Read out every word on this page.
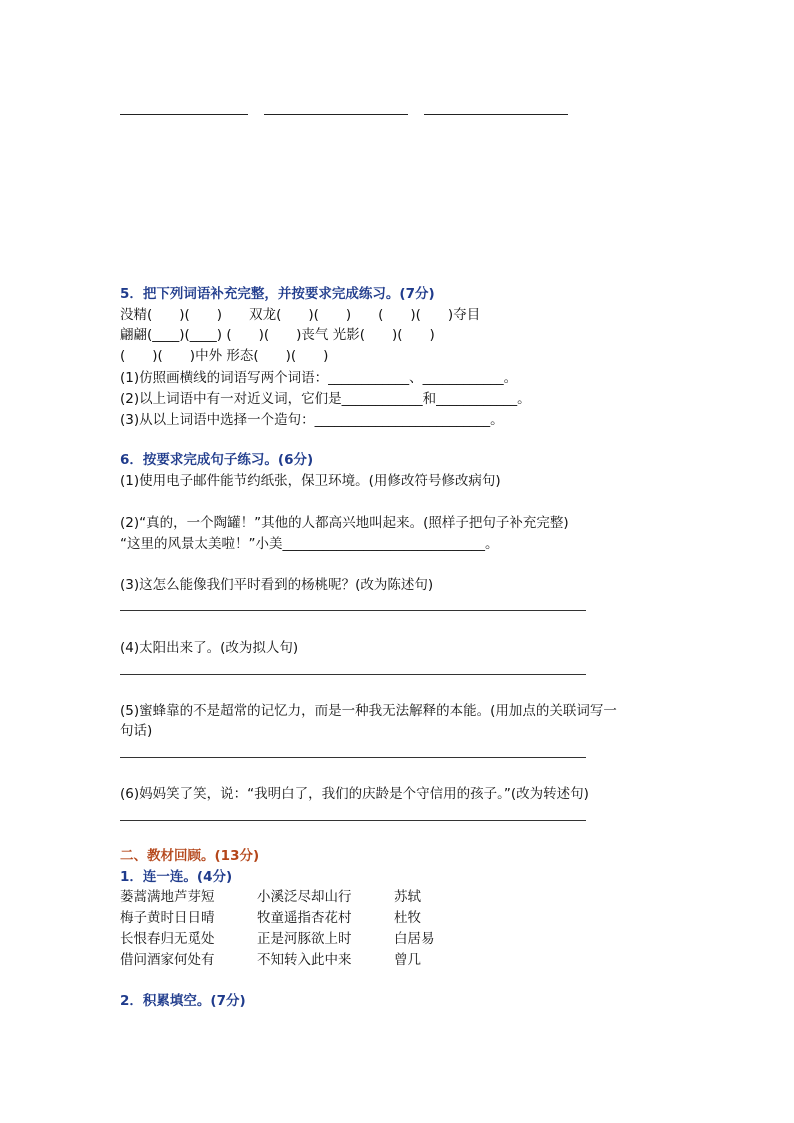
5．把下列词语补充完整，并按要求完成练习。(7分)
没精(　　)(　　)　　双龙(　　)(　　)　　(　　)(　　)夺目
翩翩(____)(____) (　　)(　　)丧气 光影(　　)(　　)
(　　)(　　)中外 形态(　　)(　　)
(1)仿照画横线的词语写两个词语：____________、____________。
(2)以上词语中有一对近义词，它们是____________和____________。
(3)从以上词语中选择一个造句：__________________________。
6．按要求完成句子练习。(6分)
(1)使用电子邮件能节约纸张，保卫环境。(用修改符号修改病句)
(2)“真的，一个陶罐！”其他的人都高兴地叫起来。(照样子把句子补充完整)
“这里的风景太美啦！”小美______________________________。
(3)这怎么能像我们平时看到的杨桃呢？(改为陈述句)
(4)太阳出来了。(改为拟人句)
(5)蜜蜂靠的不是超常的记忆力，而是一种我无法解释的本能。(用加点的关联词写一
句话)
(6)妈妈笑了笑，说：“我明白了，我们的庆龄是个守信用的孩子。”(改为转述句)
二、教材回顾。(13分)
1．连一连。(4分)
蒌蒿满地芦芽短
梅子黄时日日晴
长恨春归无觅处
借问酒家何处有
小溪泛尽却山行
牧童遥指杏花村
正是河豚欲上时
不知转入此中来
苏轼
杜牧
白居易
曾几
2．积累填空。(7分)
